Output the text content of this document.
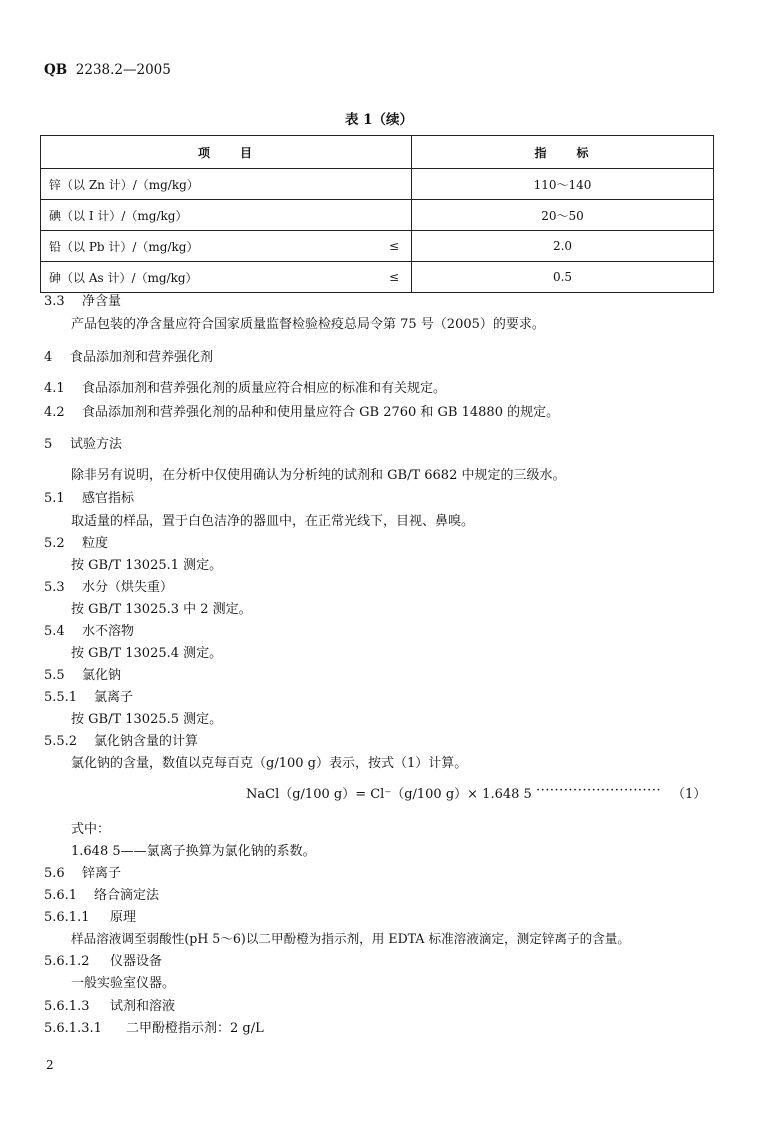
QB 2238.2—2005
表 1（续）
项　　目		指　　标
锌（以 Zn 计）/（mg/kg）		110～140
碘（以 I 计）/（mg/kg）		20～50
铅（以 Pb 计）/（mg/kg）	≤	2.0
砷（以 As 计）/（mg/kg）	≤	0.5
3.3 净含量
产品包装的净含量应符合国家质量监督检验检疫总局令第 75 号（2005）的要求。
4 食品添加剂和营养强化剂
4.1 食品添加剂和营养强化剂的质量应符合相应的标准和有关规定。
4.2 食品添加剂和营养强化剂的品种和使用量应符合 GB 2760 和 GB 14880 的规定。
5 试验方法
除非另有说明，在分析中仅使用确认为分析纯的试剂和 GB/T 6682 中规定的三级水。
5.1 感官指标
取适量的样品，置于白色洁净的器皿中，在正常光线下，目视、鼻嗅。
5.2 粒度
按 GB/T 13025.1 测定。
5.3 水分（烘失重）
按 GB/T 13025.3 中 2 测定。
5.4 水不溶物
按 GB/T 13025.4 测定。
5.5 氯化钠
5.5.1 氯离子
按 GB/T 13025.5 测定。
5.5.2 氯化钠含量的计算
氯化钠的含量，数值以克每百克（g/100 g）表示，按式（1）计算。
NaCl（g/100 g）= Cl⁻（g/100 g）× 1.648 5 ··························· （1）
式中：
1.648 5——氯离子换算为氯化钠的系数。
5.6 锌离子
5.6.1 络合滴定法
5.6.1.1 原理
样品溶液调至弱酸性(pH 5～6)以二甲酚橙为指示剂，用 EDTA 标准溶液滴定，测定锌离子的含量。
5.6.1.2 仪器设备
一般实验室仪器。
5.6.1.3 试剂和溶液
5.6.1.3.1 二甲酚橙指示剂：2 g/L
2
